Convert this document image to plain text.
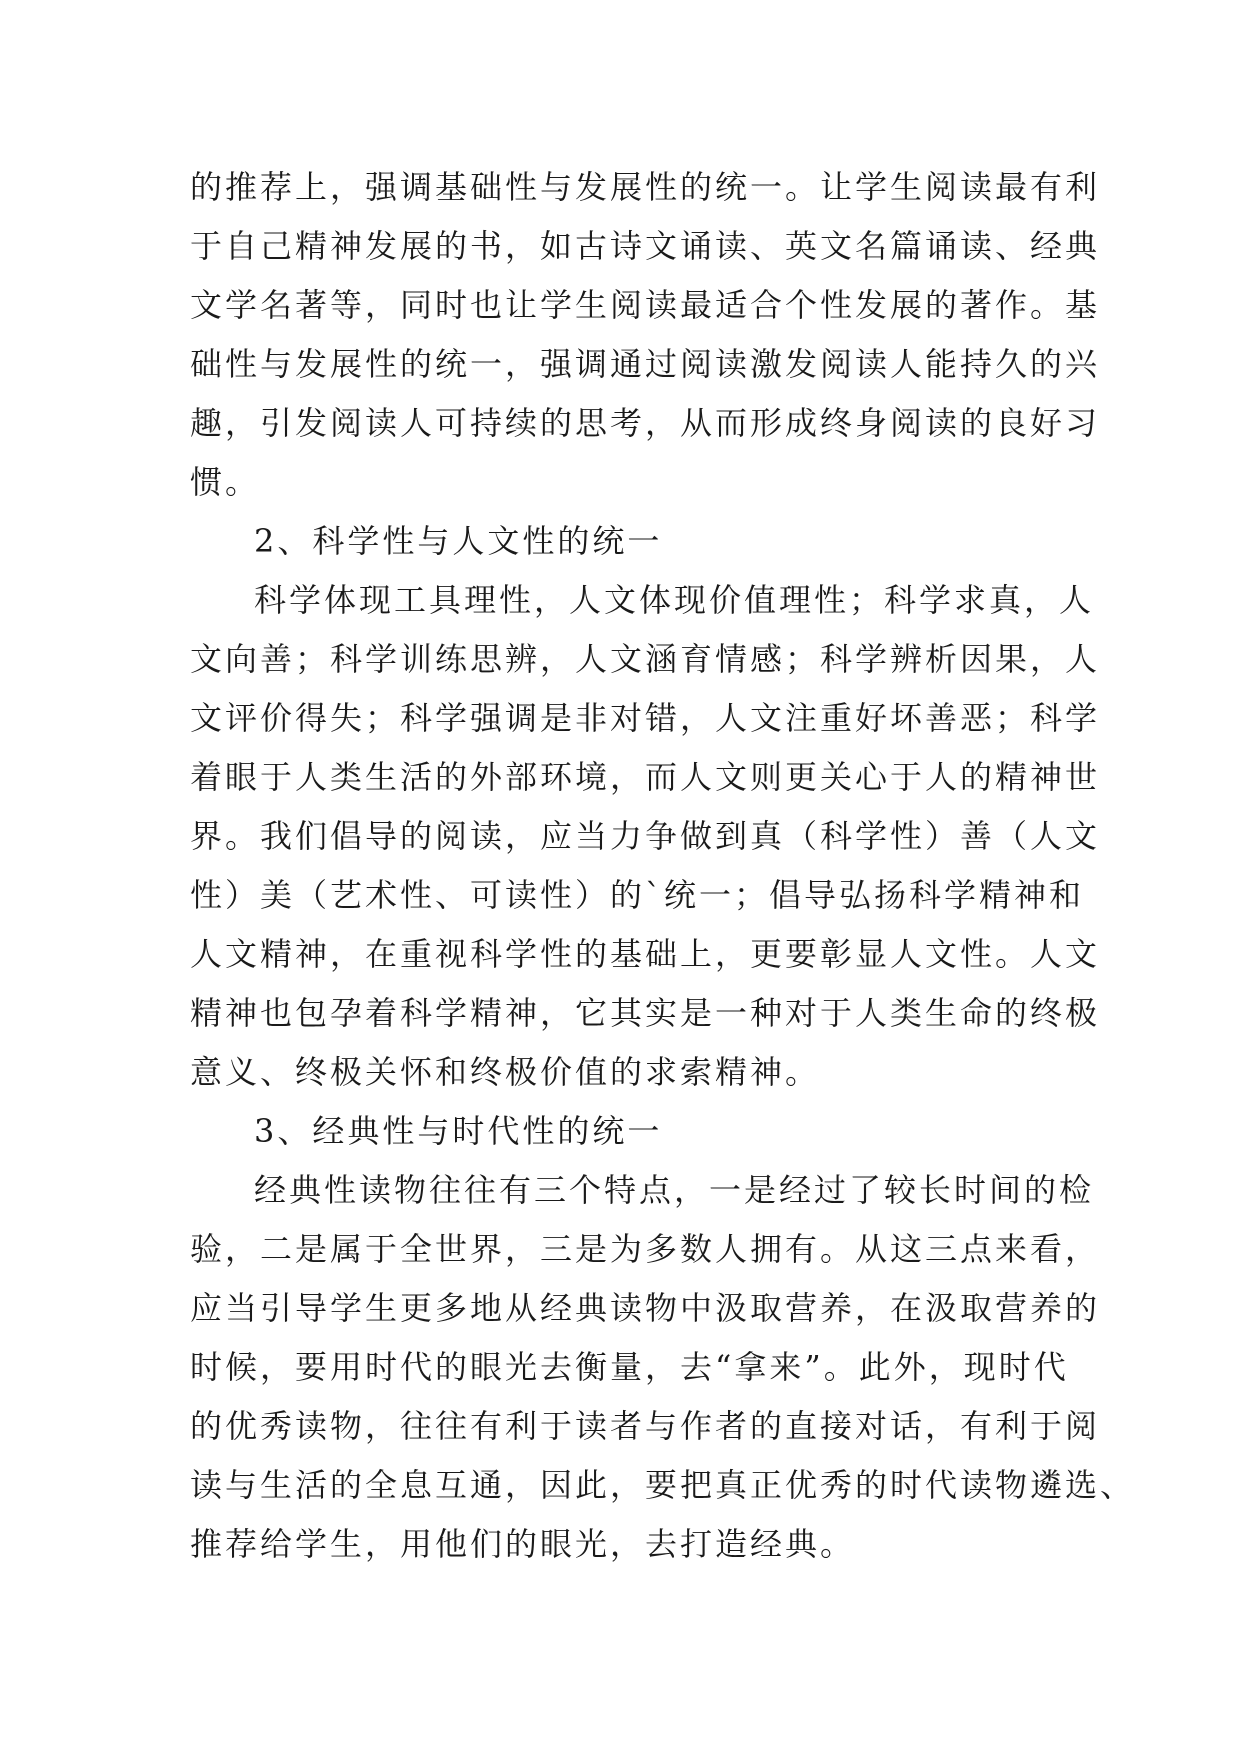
的推荐上，强调基础性与发展性的统一。让学生阅读最有利
于自己精神发展的书，如古诗文诵读、英文名篇诵读、经典
文学名著等，同时也让学生阅读最适合个性发展的著作。基
础性与发展性的统一，强调通过阅读激发阅读人能持久的兴
趣，引发阅读人可持续的思考，从而形成终身阅读的良好习
惯。
2、科学性与人文性的统一
科学体现工具理性，人文体现价值理性；科学求真，人
文向善；科学训练思辨，人文涵育情感；科学辨析因果，人
文评价得失；科学强调是非对错，人文注重好坏善恶；科学
着眼于人类生活的外部环境，而人文则更关心于人的精神世
界。我们倡导的阅读，应当力争做到真（科学性）善（人文
性）美（艺术性、可读性）的`统一；倡导弘扬科学精神和
人文精神，在重视科学性的基础上，更要彰显人文性。人文
精神也包孕着科学精神，它其实是一种对于人类生命的终极
意义、终极关怀和终极价值的求索精神。
3、经典性与时代性的统一
经典性读物往往有三个特点，一是经过了较长时间的检
验，二是属于全世界，三是为多数人拥有。从这三点来看，
应当引导学生更多地从经典读物中汲取营养，在汲取营养的
时候，要用时代的眼光去衡量，去“拿来”。此外，现时代
的优秀读物，往往有利于读者与作者的直接对话，有利于阅
读与生活的全息互通，因此，要把真正优秀的时代读物遴选、
推荐给学生，用他们的眼光，去打造经典。
